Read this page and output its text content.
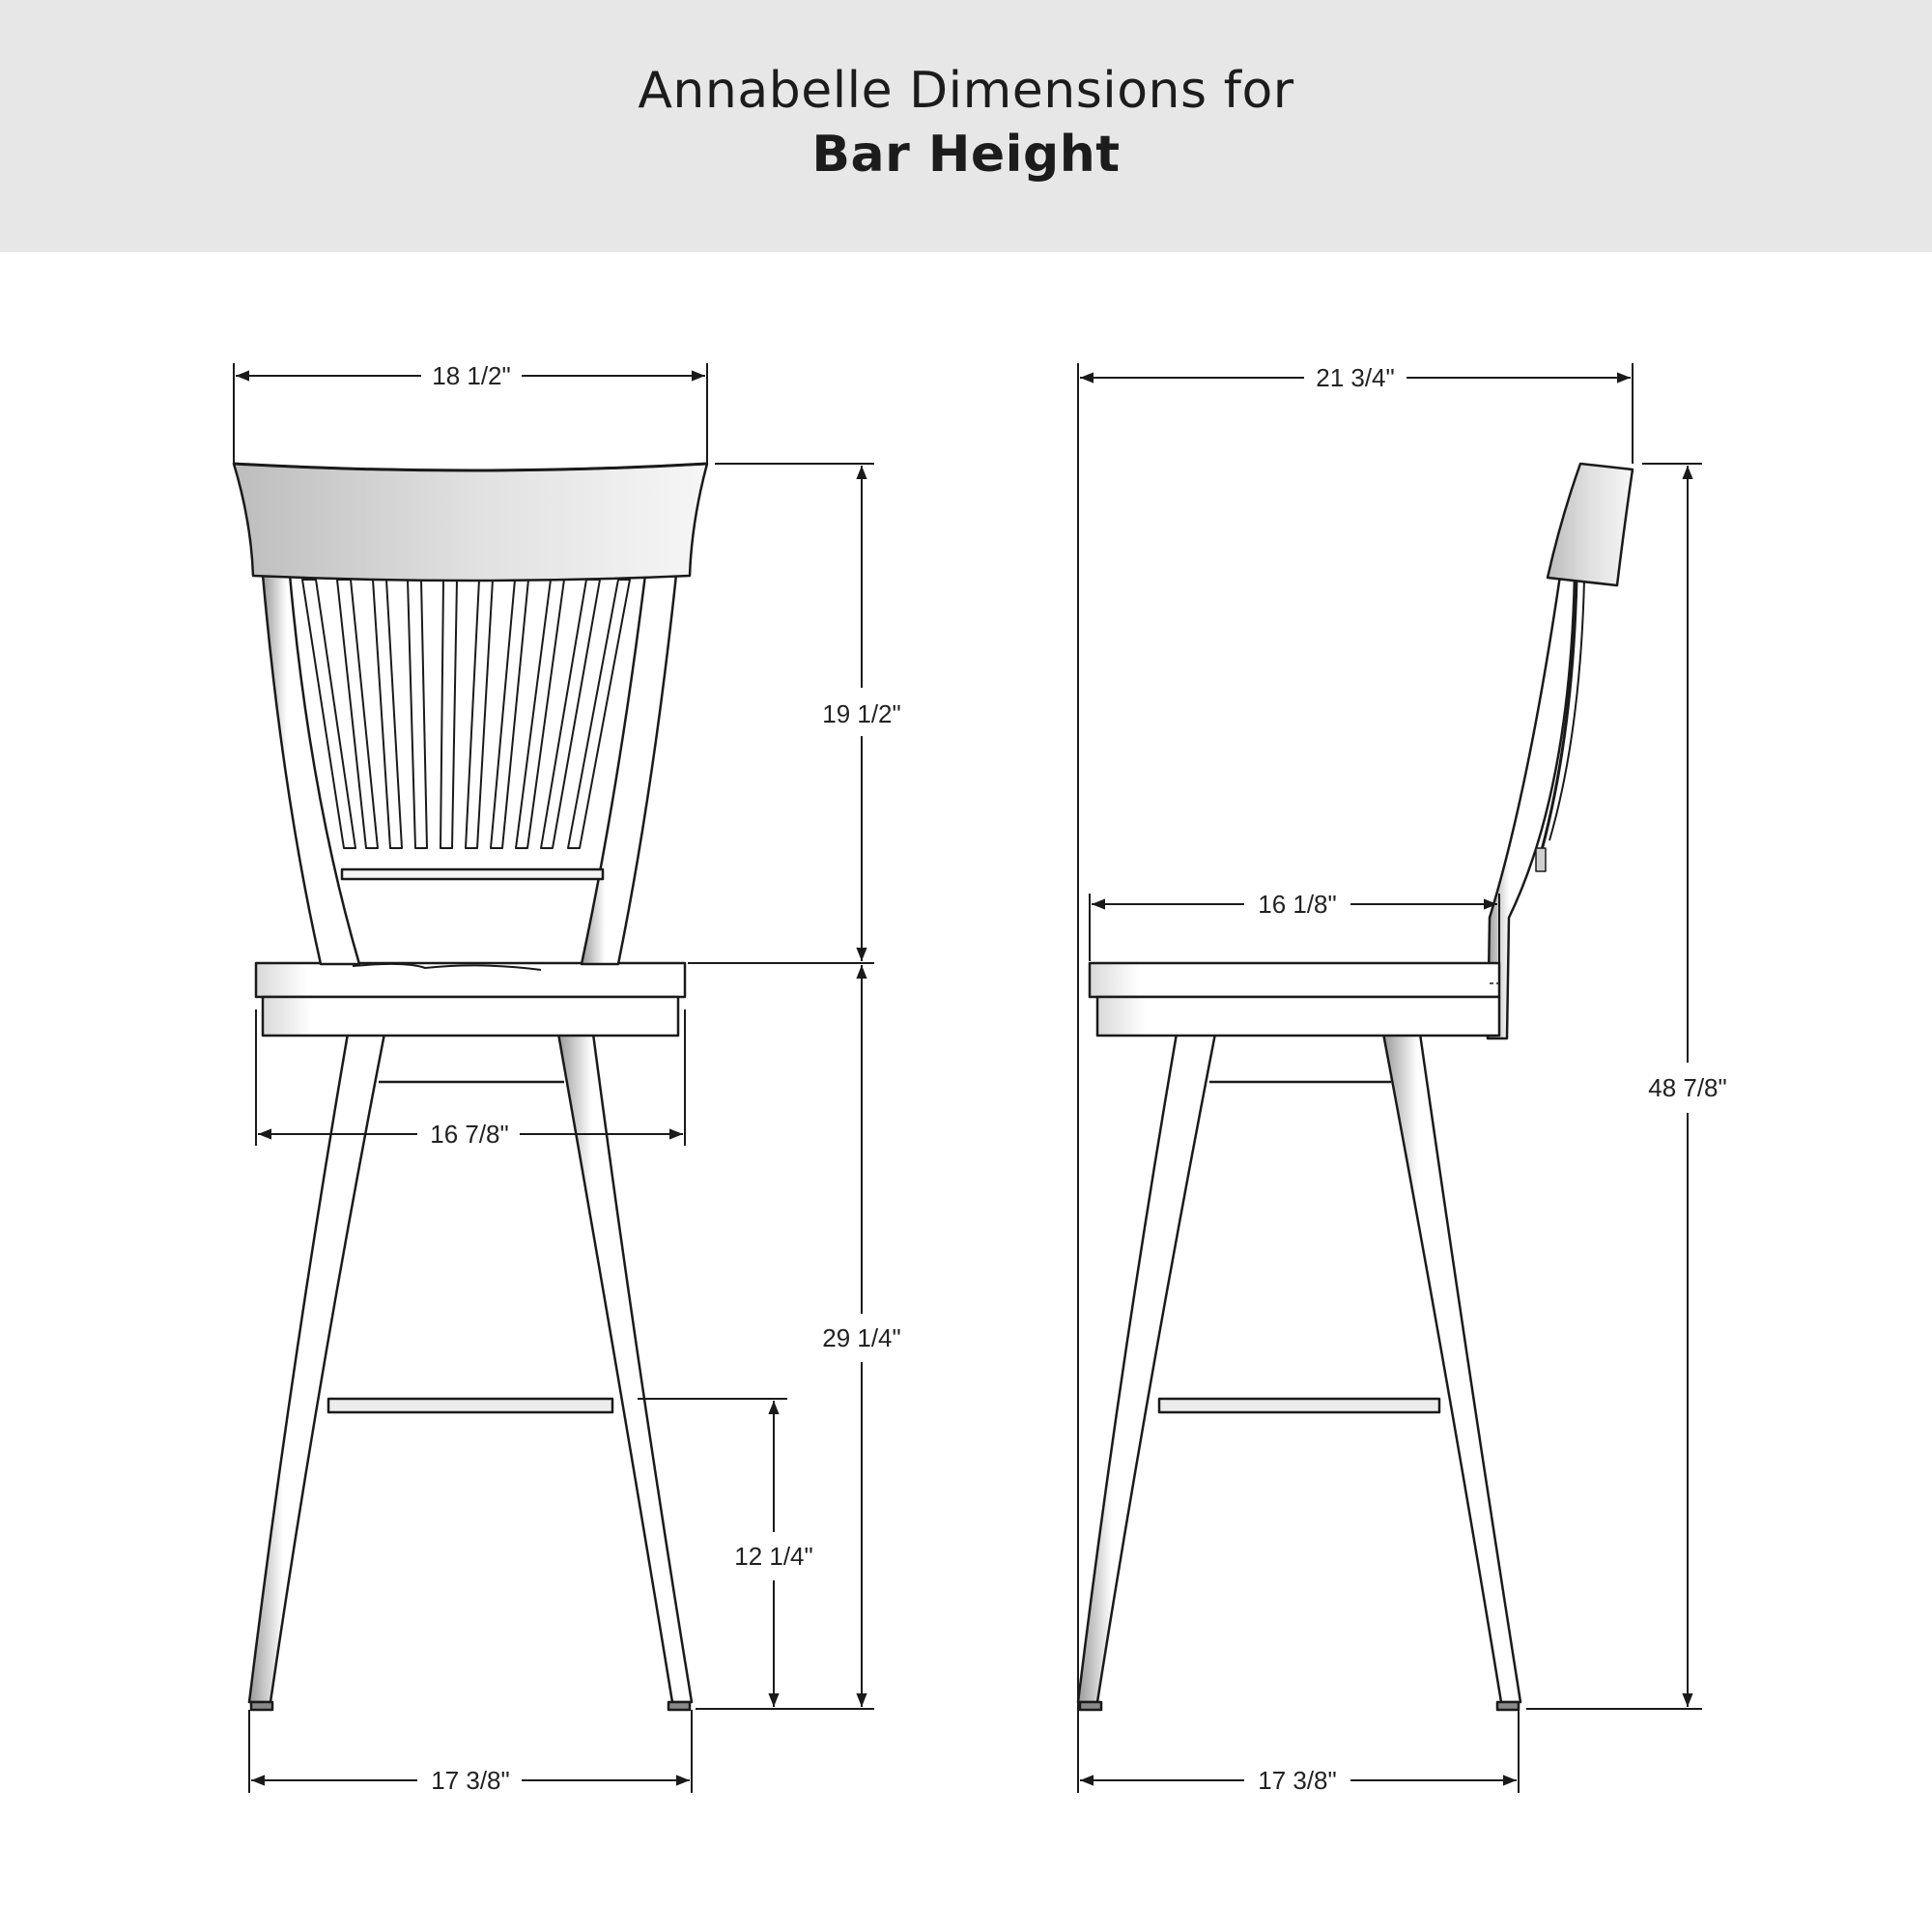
Annabelle Dimensions for
Bar Height
18 1/2"
19 1/2"
16 7/8"
29 1/4"
12 1/4"
17 3/8"
21 3/4"
16 1/8"
48 7/8"
17 3/8"
